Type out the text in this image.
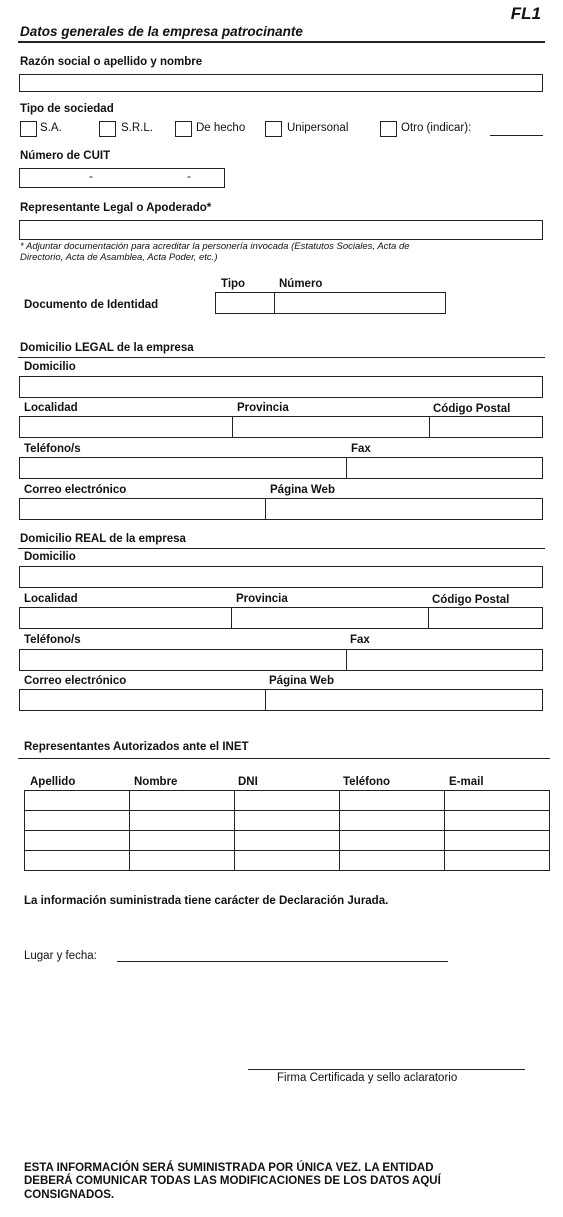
FL1
Datos generales de la empresa patrocinante
Razón social o apellido y nombre
Tipo de sociedad
S.A.	S.R.L.	De hecho	Unipersonal	Otro (indicar):
Número de CUIT
-	-
Representante Legal o Apoderado*
* Adjuntar documentación para acreditar la personería invocada (Estatutos Sociales, Acta de
Directorio, Acta de Asamblea, Acta Poder, etc.)
Tipo	Número
Documento de Identidad
Domicilio LEGAL de la empresa
Domicilio
Localidad	Provincia	Código Postal
Teléfono/s	Fax
Correo electrónico	Página Web
Domicilio REAL de la empresa
Domicilio
Localidad	Provincia	Código Postal
Teléfono/s	Fax
Correo electrónico	Página Web
Representantes Autorizados ante el INET
Apellido	Nombre	DNI	Teléfono	E-mail

La información suministrada tiene carácter de Declaración Jurada.
Lugar y fecha:
Firma Certificada y sello aclaratorio
ESTA INFORMACIÓN SERÁ SUMINISTRADA POR ÚNICA VEZ. LA ENTIDAD
DEBERÁ COMUNICAR TODAS LAS MODIFICACIONES DE LOS DATOS AQUÍ
CONSIGNADOS.
